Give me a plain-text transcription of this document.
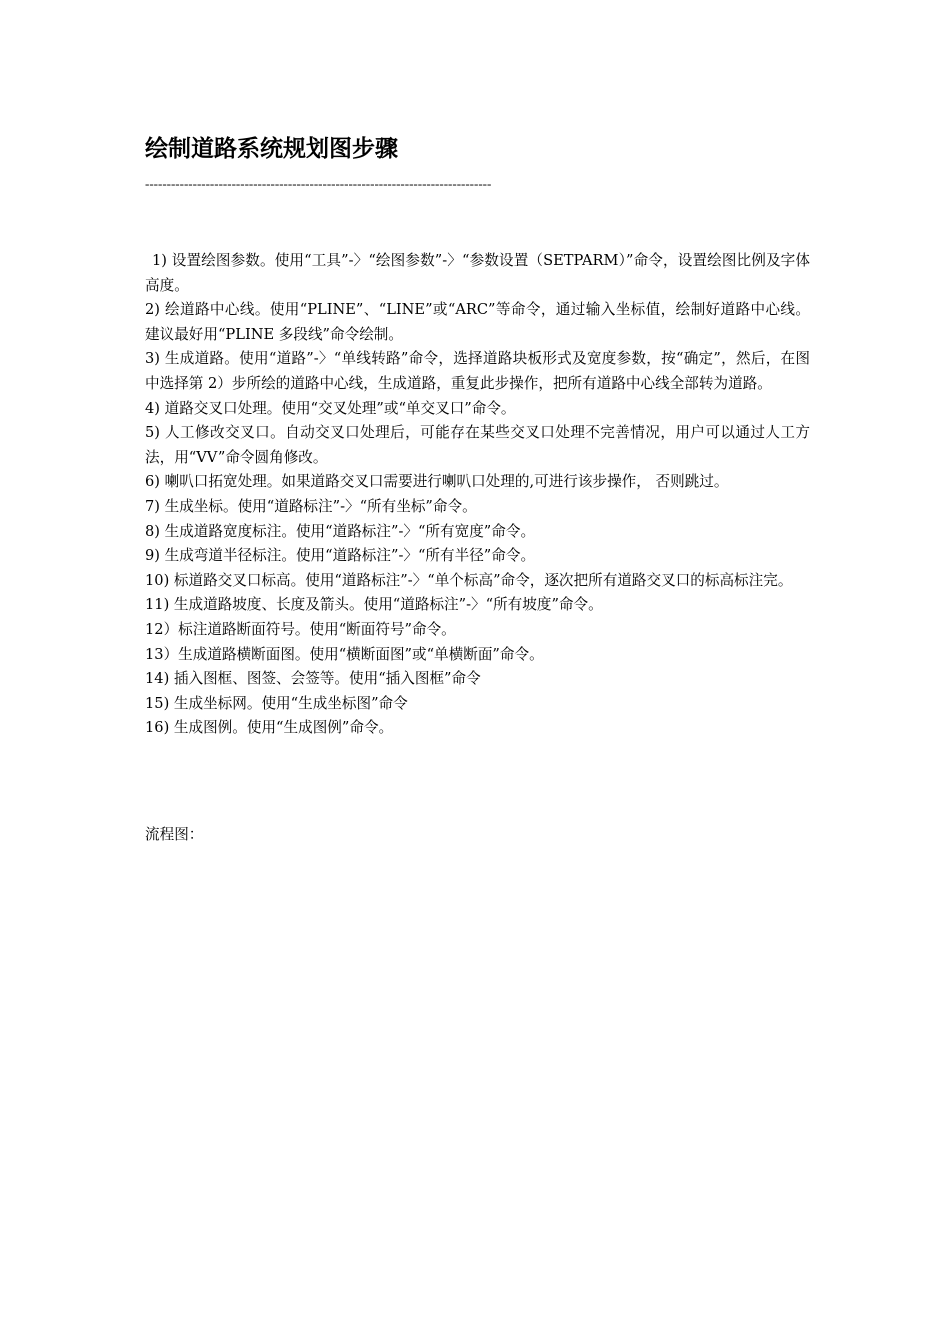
绘制道路系统规划图步骤
--------------------------------------------------------------------------------
1) 设置绘图参数。使用“工具”-〉“绘图参数”-〉“参数设置（SETPARM）”命令，设置绘图比例及字体高度。
2) 绘道路中心线。使用“PLINE”、“LINE”或“ARC”等命令，通过输入坐标值，绘制好道路中心线。建议最好用“PLINE 多段线”命令绘制。
3) 生成道路。使用“道路”-〉“单线转路”命令，选择道路块板形式及宽度参数，按“确定”，然后，在图中选择第 2）步所绘的道路中心线，生成道路，重复此步操作，把所有道路中心线全部转为道路。
4) 道路交叉口处理。使用“交叉处理”或“单交叉口”命令。
5) 人工修改交叉口。自动交叉口处理后，可能存在某些交叉口处理不完善情况，用户可以通过人工方法，用“VV”命令圆角修改。
6) 喇叭口拓宽处理。如果道路交叉口需要进行喇叭口处理的,可进行该步操作， 否则跳过。
7) 生成坐标。使用“道路标注”-〉“所有坐标”命令。
8) 生成道路宽度标注。使用“道路标注”-〉“所有宽度”命令。
9) 生成弯道半径标注。使用“道路标注”-〉“所有半径”命令。
10) 标道路交叉口标高。使用“道路标注”-〉“单个标高”命令，逐次把所有道路交叉口的标高标注完。
11) 生成道路坡度、长度及箭头。使用“道路标注”-〉“所有坡度”命令。
12）标注道路断面符号。使用“断面符号”命令。
13）生成道路横断面图。使用“横断面图”或“单横断面”命令。
14) 插入图框、图签、会签等。使用“插入图框”命令
15) 生成坐标网。使用“生成坐标图”命令
16) 生成图例。使用“生成图例”命令。
流程图：
